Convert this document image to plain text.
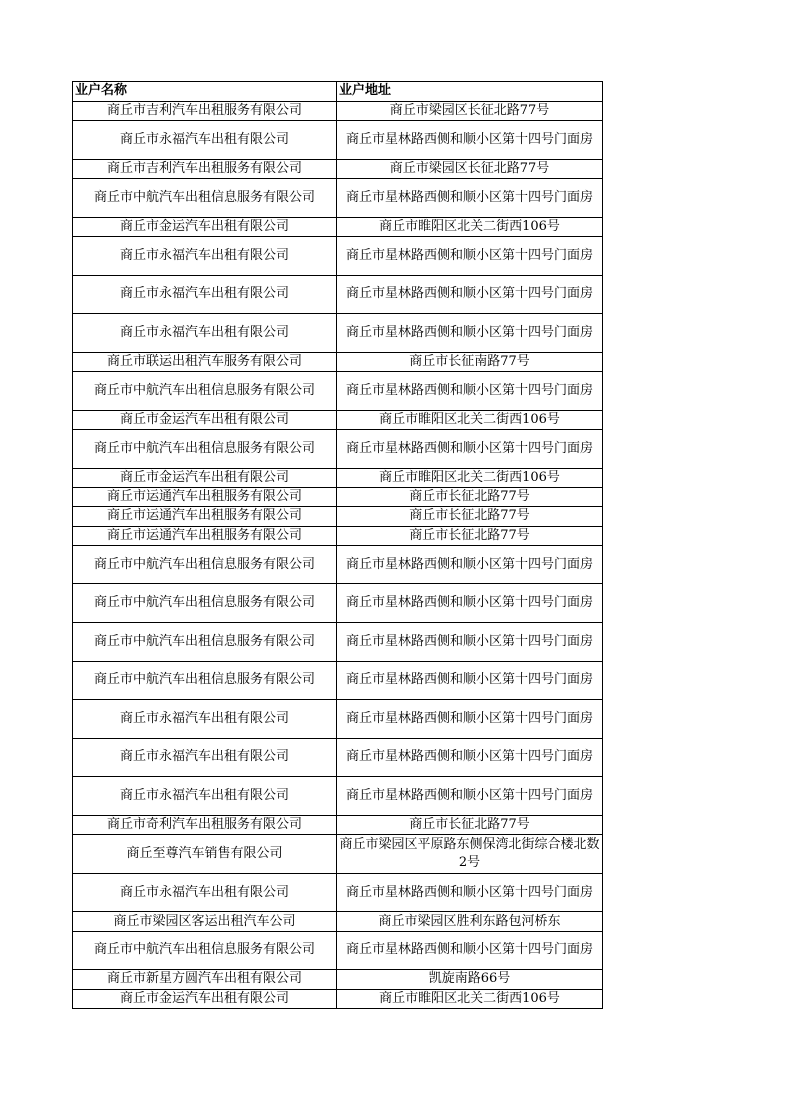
业户名称	业户地址
商丘市吉利汽车出租服务有限公司	商丘市梁园区长征北路77号
商丘市永福汽车出租有限公司	商丘市星林路西侧和顺小区第十四号门面房
商丘市吉利汽车出租服务有限公司	商丘市梁园区长征北路77号
商丘市中航汽车出租信息服务有限公司	商丘市星林路西侧和顺小区第十四号门面房
商丘市金运汽车出租有限公司	商丘市睢阳区北关二街西106号
商丘市永福汽车出租有限公司	商丘市星林路西侧和顺小区第十四号门面房
商丘市永福汽车出租有限公司	商丘市星林路西侧和顺小区第十四号门面房
商丘市永福汽车出租有限公司	商丘市星林路西侧和顺小区第十四号门面房
商丘市联运出租汽车服务有限公司	商丘市长征南路77号
商丘市中航汽车出租信息服务有限公司	商丘市星林路西侧和顺小区第十四号门面房
商丘市金运汽车出租有限公司	商丘市睢阳区北关二街西106号
商丘市中航汽车出租信息服务有限公司	商丘市星林路西侧和顺小区第十四号门面房
商丘市金运汽车出租有限公司	商丘市睢阳区北关二街西106号
商丘市运通汽车出租服务有限公司	商丘市长征北路77号
商丘市运通汽车出租服务有限公司	商丘市长征北路77号
商丘市运通汽车出租服务有限公司	商丘市长征北路77号
商丘市中航汽车出租信息服务有限公司	商丘市星林路西侧和顺小区第十四号门面房
商丘市中航汽车出租信息服务有限公司	商丘市星林路西侧和顺小区第十四号门面房
商丘市中航汽车出租信息服务有限公司	商丘市星林路西侧和顺小区第十四号门面房
商丘市中航汽车出租信息服务有限公司	商丘市星林路西侧和顺小区第十四号门面房
商丘市永福汽车出租有限公司	商丘市星林路西侧和顺小区第十四号门面房
商丘市永福汽车出租有限公司	商丘市星林路西侧和顺小区第十四号门面房
商丘市永福汽车出租有限公司	商丘市星林路西侧和顺小区第十四号门面房
商丘市奇利汽车出租服务有限公司	商丘市长征北路77号
商丘至尊汽车销售有限公司	商丘市梁园区平原路东侧保湾北街综合楼北数2号
商丘市永福汽车出租有限公司	商丘市星林路西侧和顺小区第十四号门面房
商丘市梁园区客运出租汽车公司	商丘市梁园区胜利东路包河桥东
商丘市中航汽车出租信息服务有限公司	商丘市星林路西侧和顺小区第十四号门面房
商丘市新星方圆汽车出租有限公司	凯旋南路66号
商丘市金运汽车出租有限公司	商丘市睢阳区北关二街西106号
